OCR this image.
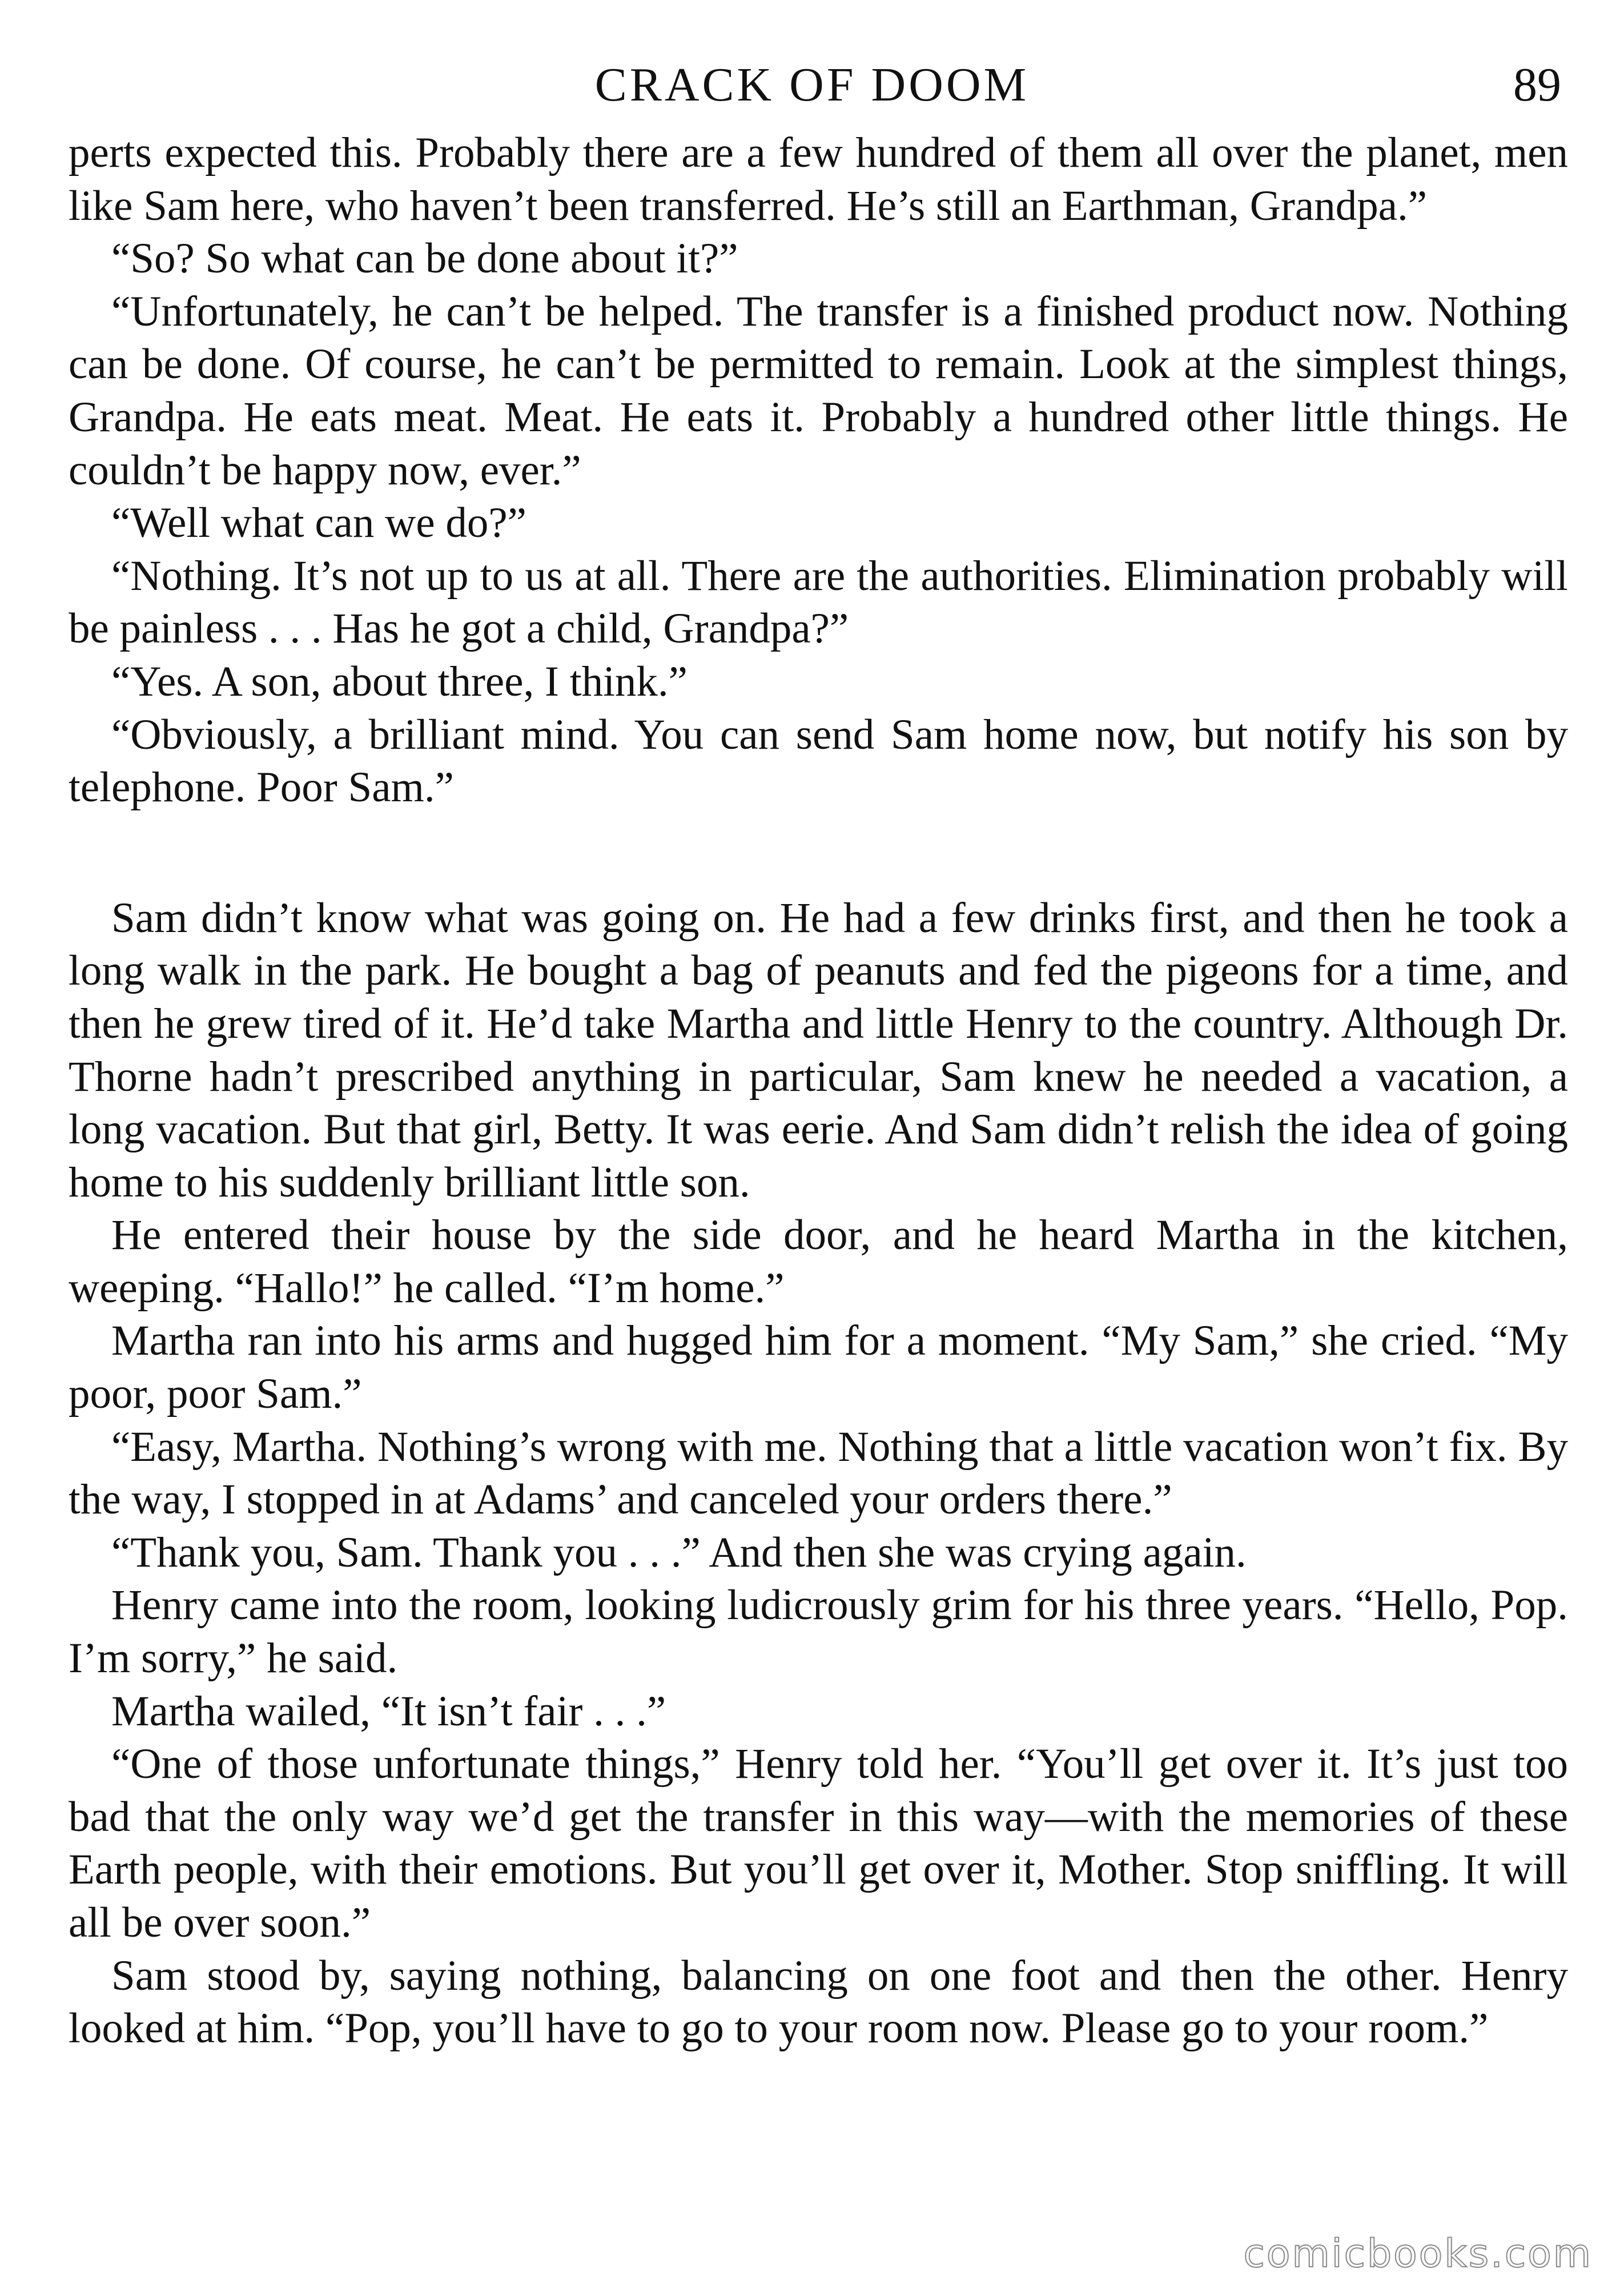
CRACK OF DOOM	89

perts expected this. Probably there are a few hundred of them all over the planet, men like Sam here, who haven’t been transferred. He’s still an Earthman, Grandpa.”

“So? So what can be done about it?”

“Unfortunately, he can’t be helped. The transfer is a finished product now. Nothing can be done. Of course, he can’t be permitted to remain. Look at the simplest things, Grandpa. He eats meat. Meat. He eats it. Probably a hundred other little things. He couldn’t be happy now, ever.”

“Well what can we do?”

“Nothing. It’s not up to us at all. There are the authorities. Elimination probably will be painless . . . Has he got a child, Grandpa?”

“Yes. A son, about three, I think.”

“Obviously, a brilliant mind. You can send Sam home now, but notify his son by telephone. Poor Sam.”

Sam didn’t know what was going on. He had a few drinks first, and then he took a long walk in the park. He bought a bag of peanuts and fed the pigeons for a time, and then he grew tired of it. He’d take Martha and little Henry to the country. Although Dr. Thorne hadn’t prescribed anything in particular, Sam knew he needed a vacation, a long vacation. But that girl, Betty. It was eerie. And Sam didn’t relish the idea of going home to his suddenly brilliant little son.

He entered their house by the side door, and he heard Martha in the kitchen, weeping. “Hallo!” he called. “I’m home.”

Martha ran into his arms and hugged him for a moment. “My Sam,” she cried. “My poor, poor Sam.”

“Easy, Martha. Nothing’s wrong with me. Nothing that a little vacation won’t fix. By the way, I stopped in at Adams’ and canceled your orders there.”

“Thank you, Sam. Thank you . . .” And then she was crying again.

Henry came into the room, looking ludicrously grim for his three years. “Hello, Pop. I’m sorry,” he said.

Martha wailed, “It isn’t fair . . .”

“One of those unfortunate things,” Henry told her. “You’ll get over it. It’s just too bad that the only way we’d get the transfer in this way—with the memories of these Earth people, with their emotions. But you’ll get over it, Mother. Stop sniffling. It will all be over soon.”

Sam stood by, saying nothing, balancing on one foot and then the other. Henry looked at him. “Pop, you’ll have to go to your room now. Please go to your room.”

comicbooks.com
